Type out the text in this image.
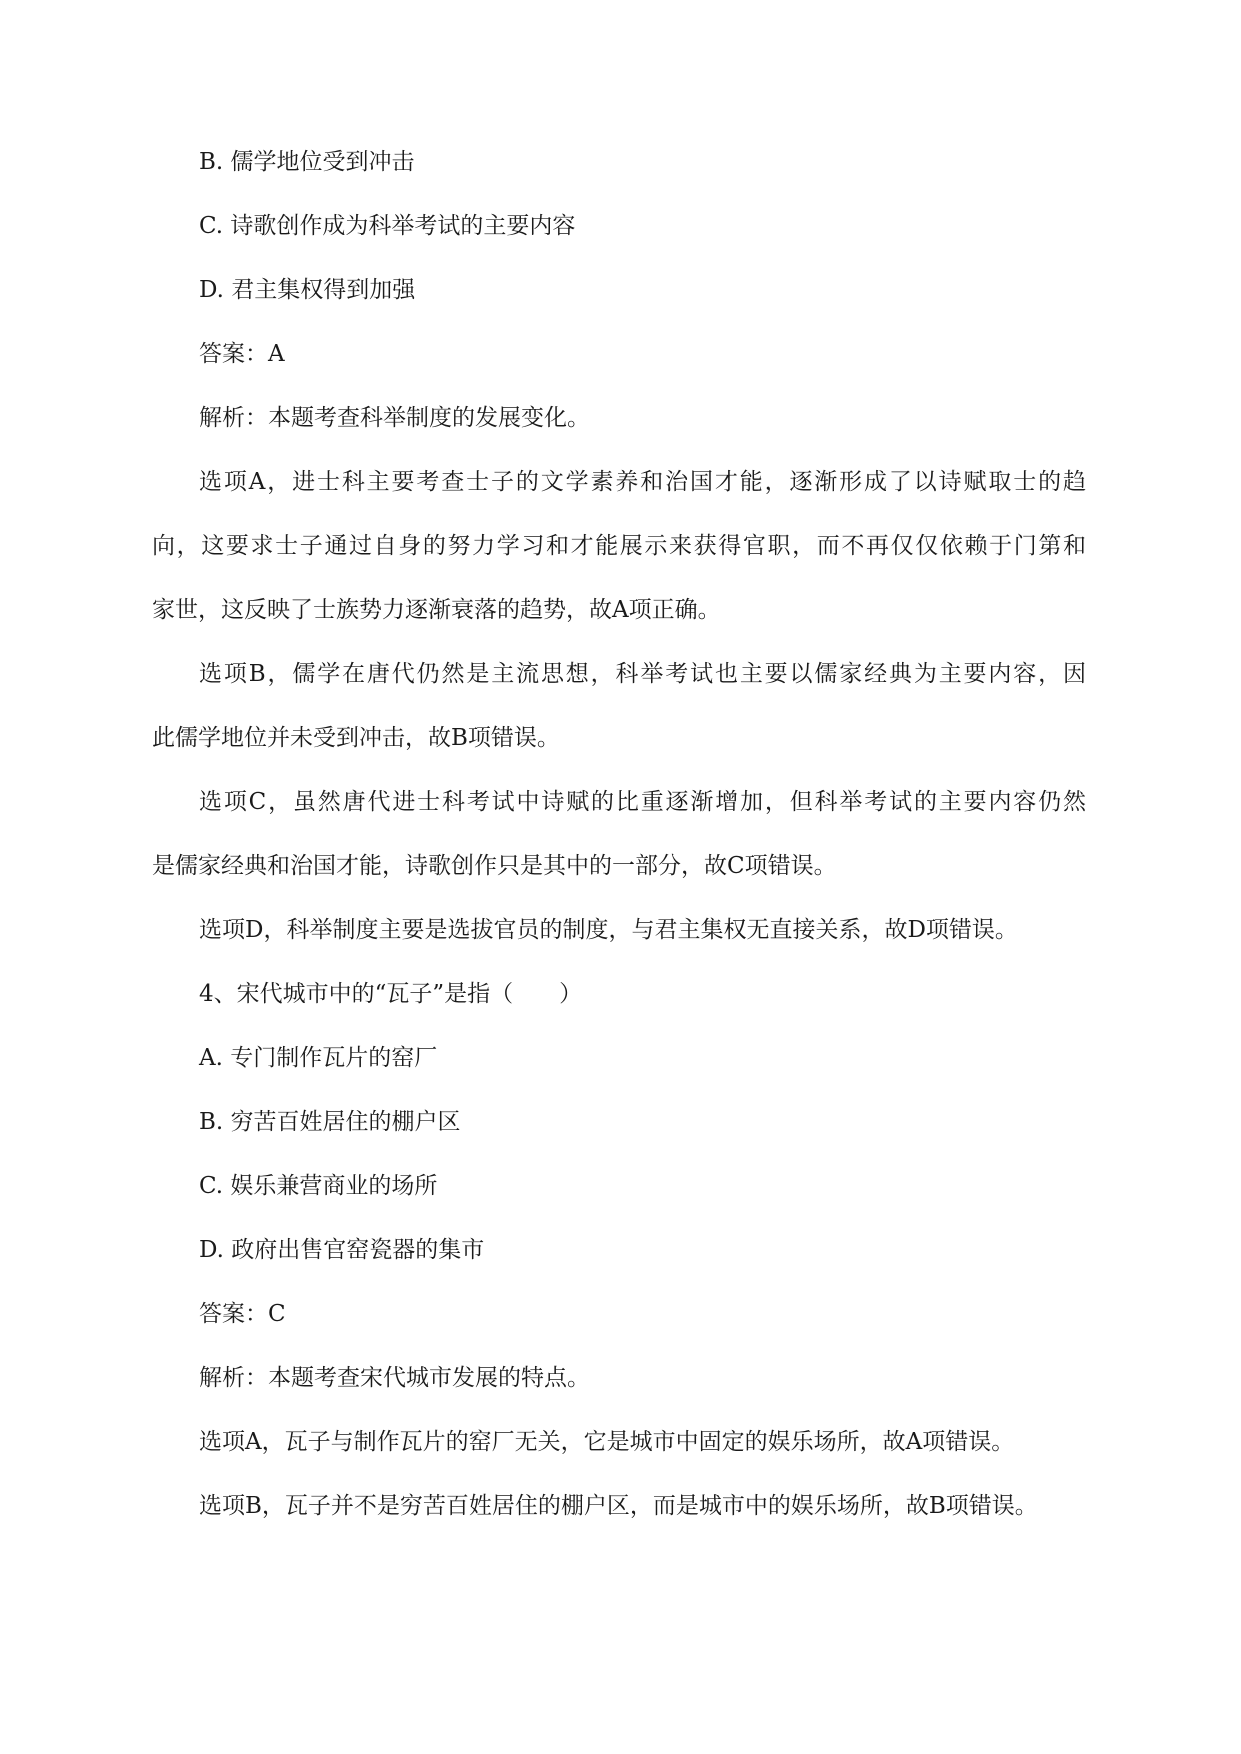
B. 儒学地位受到冲击
C. 诗歌创作成为科举考试的主要内容
D. 君主集权得到加强
答案：A
解析：本题考查科举制度的发展变化。
选项A，进士科主要考查士子的文学素养和治国才能，逐渐形成了以诗赋取士的趋
向，这要求士子通过自身的努力学习和才能展示来获得官职，而不再仅仅依赖于门第和
家世，这反映了士族势力逐渐衰落的趋势，故A项正确。
选项B，儒学在唐代仍然是主流思想，科举考试也主要以儒家经典为主要内容，因
此儒学地位并未受到冲击，故B项错误。
选项C，虽然唐代进士科考试中诗赋的比重逐渐增加，但科举考试的主要内容仍然
是儒家经典和治国才能，诗歌创作只是其中的一部分，故C项错误。
选项D，科举制度主要是选拔官员的制度，与君主集权无直接关系，故D项错误。
4、宋代城市中的“瓦子”是指（　　）
A. 专门制作瓦片的窑厂
B. 穷苦百姓居住的棚户区
C. 娱乐兼营商业的场所
D. 政府出售官窑瓷器的集市
答案：C
解析：本题考查宋代城市发展的特点。
选项A，瓦子与制作瓦片的窑厂无关，它是城市中固定的娱乐场所，故A项错误。
选项B，瓦子并不是穷苦百姓居住的棚户区，而是城市中的娱乐场所，故B项错误。
